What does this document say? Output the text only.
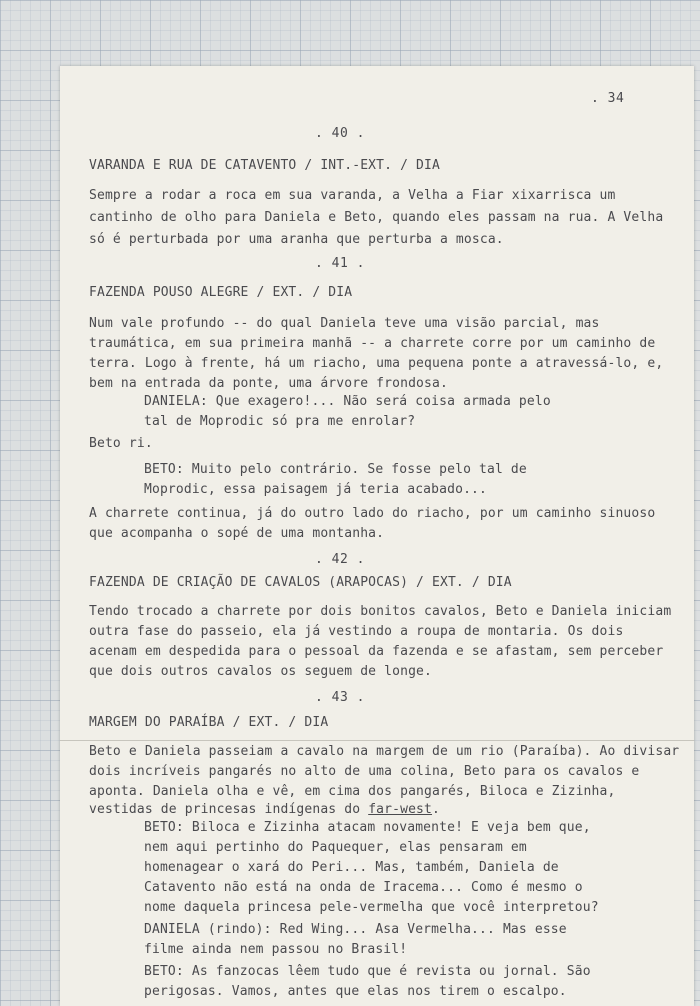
. 34
. 40 .
VARANDA E RUA DE CATAVENTO / INT.-EXT. / DIA
Sempre a rodar a roca em sua varanda, a Velha a Fiar xixarrisca um
cantinho de olho para Daniela e Beto, quando eles passam na rua. A Velha
só é perturbada por uma aranha que perturba a mosca.
. 41 .
FAZENDA POUSO ALEGRE / EXT. / DIA
Num vale profundo -- do qual Daniela teve uma visão parcial, mas
traumática, em sua primeira manhã -- a charrete corre por um caminho de
terra. Logo à frente, há um riacho, uma pequena ponte a atravessá-lo, e,
bem na entrada da ponte, uma árvore frondosa.
DANIELA: Que exagero!... Não será coisa armada pelo
tal de Moprodic só pra me enrolar?
Beto ri.
BETO: Muito pelo contrário. Se fosse pelo tal de
Moprodic, essa paisagem já teria acabado...
A charrete continua, já do outro lado do riacho, por um caminho sinuoso
que acompanha o sopé de uma montanha.
. 42 .
FAZENDA DE CRIAÇÃO DE CAVALOS (ARAPOCAS) / EXT. / DIA
Tendo trocado a charrete por dois bonitos cavalos, Beto e Daniela iniciam
outra fase do passeio, ela já vestindo a roupa de montaria. Os dois
acenam em despedida para o pessoal da fazenda e se afastam, sem perceber
que dois outros cavalos os seguem de longe.
. 43 .
MARGEM DO PARAÍBA / EXT. / DIA
Beto e Daniela passeiam a cavalo na margem de um rio (Paraíba). Ao divisar
dois incríveis pangarés no alto de uma colina, Beto para os cavalos e
aponta. Daniela olha e vê, em cima dos pangarés, Biloca e Zizinha,
vestidas de princesas indígenas do far-west.
BETO: Biloca e Zizinha atacam novamente! E veja bem que,
nem aqui pertinho do Paquequer, elas pensaram em
homenagear o xará do Peri... Mas, também, Daniela de
Catavento não está na onda de Iracema... Como é mesmo o
nome daquela princesa pele-vermelha que você interpretou?
DANIELA (rindo): Red Wing... Asa Vermelha... Mas esse
filme ainda nem passou no Brasil!
BETO: As fanzocas lêem tudo que é revista ou jornal. São
perigosas. Vamos, antes que elas nos tirem o escalpo.
